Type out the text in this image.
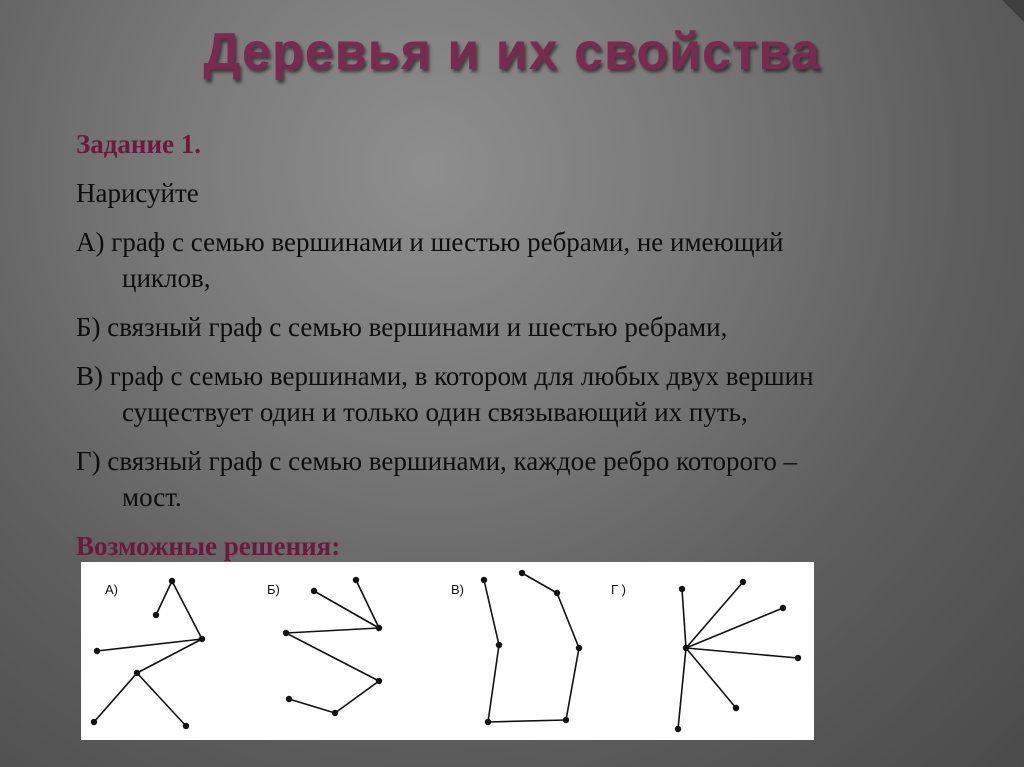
Деревья и их свойства

Задание 1.

Нарисуйте

А) граф с семью вершинами и шестью ребрами, не имеющий

циклов,

Б) связный граф с семью вершинами и шестью ребрами,

В) граф с семью вершинами, в котором для любых двух вершин

существует один и только один связывающий их путь,

Г) связный граф с семью вершинами, каждое ребро которого –

мост.

Возможные решения:

А)	Б)	В)	Г )
